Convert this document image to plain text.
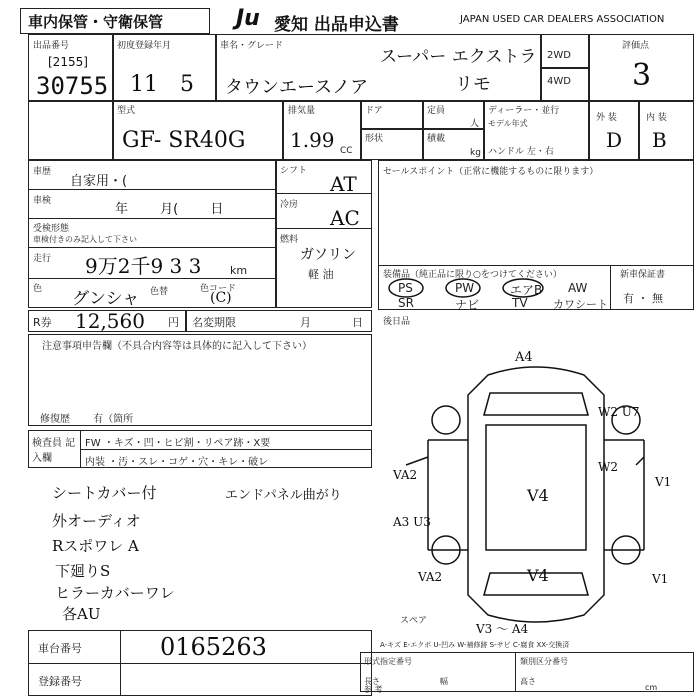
車内保管・守衛保管	Ju 愛知 出品申込書	JAPAN USED CAR DEALERS ASSOCIATION
出品番号
[2155]
30755
初度登録年月
11 5
車名・グレード
スーパー エクストラ
タウンエースノア	リモ
2WD
4WD
評価点
3
型式
GF- SR40G
排気量
1.99 CC
ドア
形状
定員
人
積載
kg
ディーラー・並行
モデル年式
ハンドル 左・右
外 装	内 装
D B
車歴
自家用・(
車検
年 月( 日
受検形態
車検付きのみ記入して下さい
走行 9万2千9 3 3	km
色 グンシャ 色替	色コード
(C)
シフト
AT
冷房
AC
燃料
ガソリン
軽 油
セールスポイント（正常に機能するものに限ります）
装備品（純正品に限り○をつけてください）	新車保証書
有 ・ 無
PS	PW	エアB AW
SR	ナビ	TV カワシート
R券 12,560 円 名変期限	月	日
注意事項申告欄（不具合内容等は具体的に記入して下さい）
修復歴 有（箇所
後日品
検査員 記入欄
FW ・キズ・凹・ヒビ割・リペア跡・X要
内装 ・汚・スレ・コゲ・穴・キレ・破レ
シートカバー付
外オーディオ
Rスポワレ A
下廻りS
ヒラーカバーワレ
各AU
エンドパネル曲がり
車台番号	0165263
登録番号
A4
W2 U7
W2
V1
VA2
V4
A3 U3
V4
VA2	V1
V3 ～ A4
スペア
A-キズ E-エクボ U-凹み W-補修跡 S-サビ C-腐食 XX-交換済
形式指定番号	類別区分番号
長さ
参 考
幅	高さ
cm
